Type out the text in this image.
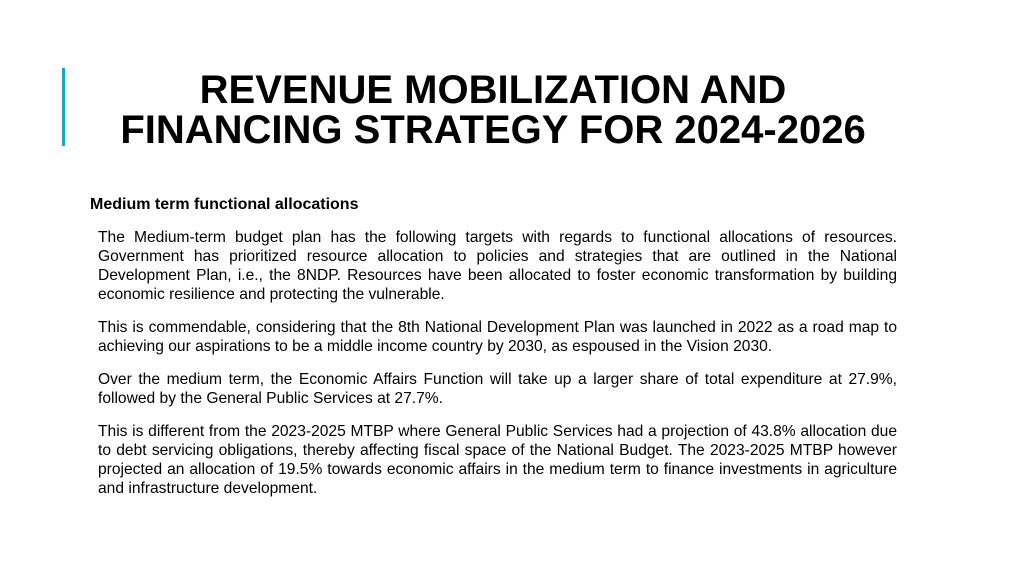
REVENUE MOBILIZATION AND
FINANCING STRATEGY FOR 2024-2026
Medium term functional allocations

The Medium-term budget plan has the following targets with regards to functional allocations of resources. Government has prioritized resource allocation to policies and strategies that are outlined in the National Development Plan, i.e., the 8NDP. Resources have been allocated to foster economic transformation by building economic resilience and protecting the vulnerable.

This is commendable, considering that the 8th National Development Plan was launched in 2022 as a road map to achieving our aspirations to be a middle income country by 2030, as espoused in the Vision 2030.

Over the medium term, the Economic Affairs Function will take up a larger share of total expenditure at 27.9%, followed by the General Public Services at 27.7%.

This is different from the 2023-2025 MTBP where General Public Services had a projection of 43.8% allocation due to debt servicing obligations, thereby affecting fiscal space of the National Budget. The 2023-2025 MTBP however projected an allocation of 19.5% towards economic affairs in the medium term to finance investments in agriculture and infrastructure development.
